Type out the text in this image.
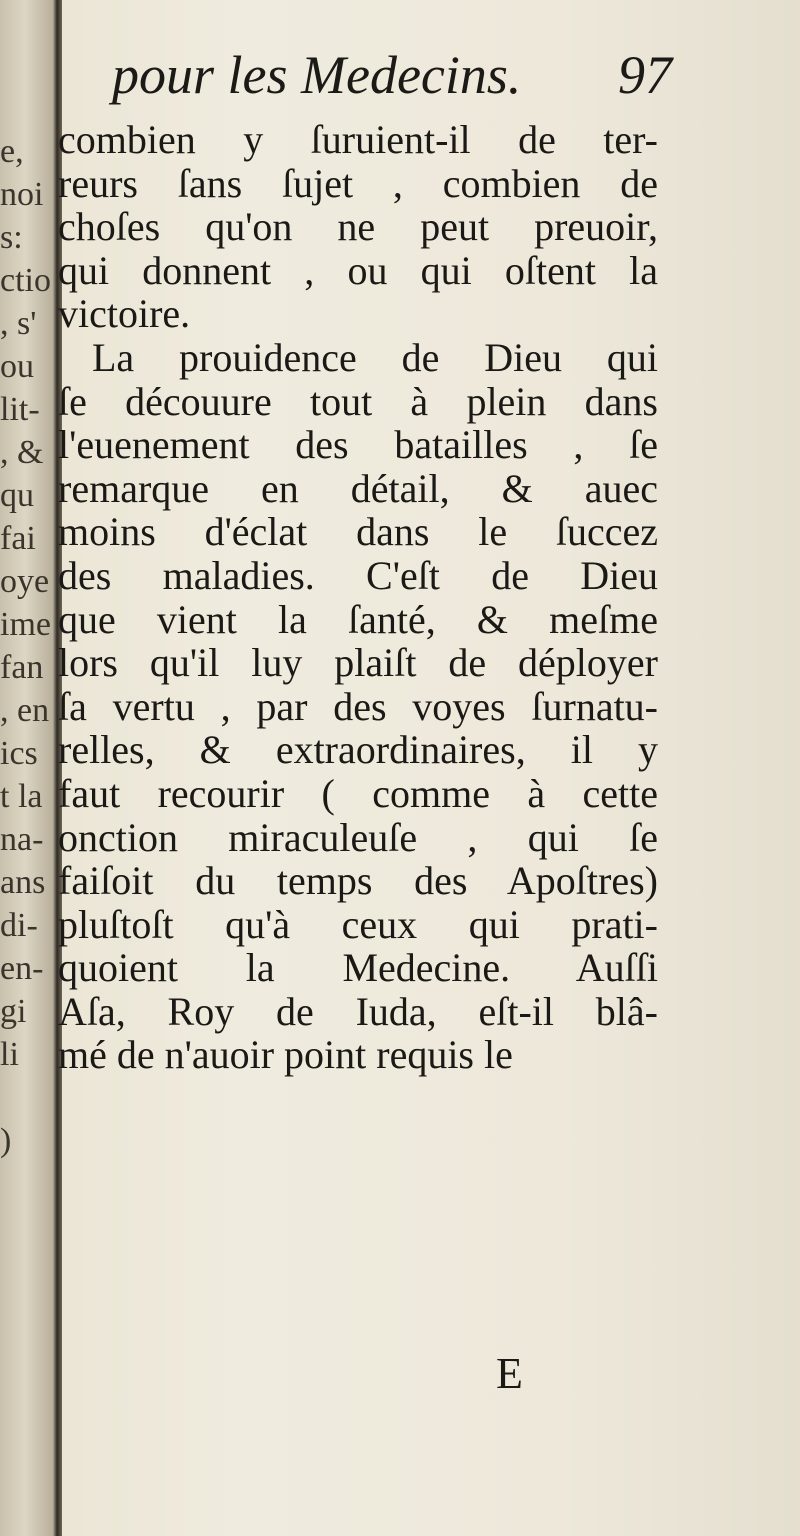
e,
noi
s:
ctio
, s'
ou
lit-
, &
qu
fai
oye
ime
fan
, en
ics
t la
na-
ans
di-
en-
gi
li

)
pour les Medecins. 97
combien y ſuruient-il de ter-
reurs ſans ſujet , combien de
choſes qu'on ne peut preuoir,
qui donnent , ou qui oſtent la
victoire.
La prouidence de Dieu qui
ſe découure tout à plein dans
l'euenement des batailles , ſe
remarque en détail, & auec
moins d'éclat dans le ſuccez
des maladies. C'eſt de Dieu
que vient la ſanté, & meſme
lors qu'il luy plaiſt de déployer
ſa vertu , par des voyes ſurnatu-
relles, & extraordinaires, il y
faut recourir ( comme à cette
onction miraculeuſe , qui ſe
faiſoit du temps des Apoſtres)
pluſtoſt qu'à ceux qui prati-
quoient la Medecine. Auſſi
Aſa, Roy de Iuda, eſt-il blâ-
mé de n'auoir point requis le
E
